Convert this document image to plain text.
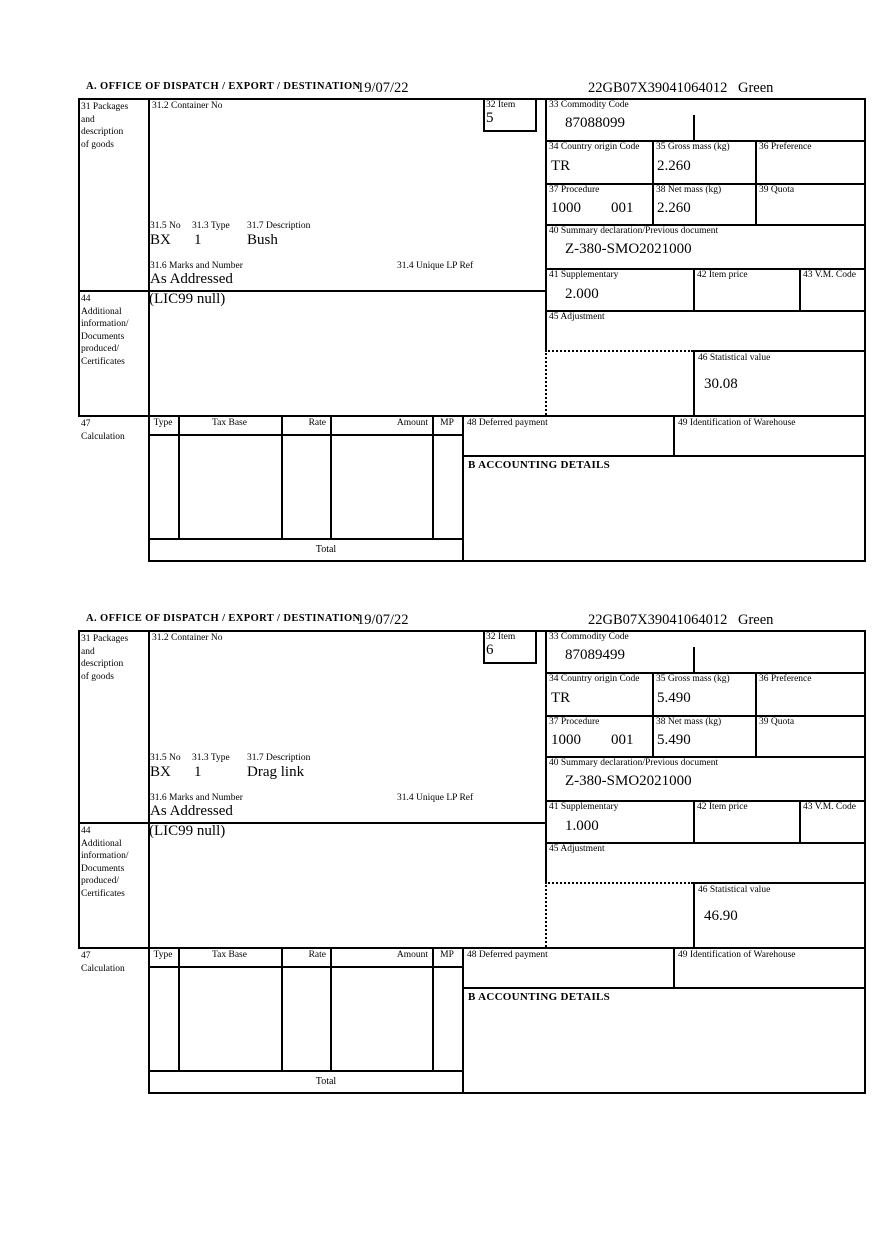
A. OFFICE OF DISPATCH / EXPORT / DESTINATION
19/07/22	22GB07X39041064012 Green
31 Packages
and
description
of goods
31.2 Container No	32 Item
5
31.5 No 31.3 Type 31.7 Description
BX 1	Bush
31.6 Marks and Number	31.4 Unique LP Ref
As Addressed
44
Additional
information/
Documents
produced/
Certificates
(LIC99 null)
33 Commodity Code
87088099
34 Country origin Code
TR
35 Gross mass (kg)
2.260
36 Preference
37 Procedure
1000 001
38 Net mass (kg)
2.260
39 Quota
40 Summary declaration/Previous document
Z-380-SMO2021000
41 Supplementary
2.000
42 Item price	43 V.M. Code
45 Adjustment
46 Statistical value
30.08
47
Calculation
Type	Tax Base	Rate	Amount	MP
Total
48 Deferred payment	49 Identification of Warehouse
B ACCOUNTING DETAILS
A. OFFICE OF DISPATCH / EXPORT / DESTINATION
19/07/22	22GB07X39041064012 Green
31 Packages
and
description
of goods
31.2 Container No	32 Item
6
31.5 No 31.3 Type 31.7 Description
BX 1	Drag link
31.6 Marks and Number	31.4 Unique LP Ref
As Addressed
44
Additional
information/
Documents
produced/
Certificates
(LIC99 null)
33 Commodity Code
87089499
34 Country origin Code
TR
35 Gross mass (kg)
5.490
36 Preference
37 Procedure
1000 001
38 Net mass (kg)
5.490
39 Quota
40 Summary declaration/Previous document
Z-380-SMO2021000
41 Supplementary
1.000
42 Item price	43 V.M. Code
45 Adjustment
46 Statistical value
46.90
47
Calculation
Type	Tax Base	Rate	Amount	MP
Total
48 Deferred payment	49 Identification of Warehouse
B ACCOUNTING DETAILS
